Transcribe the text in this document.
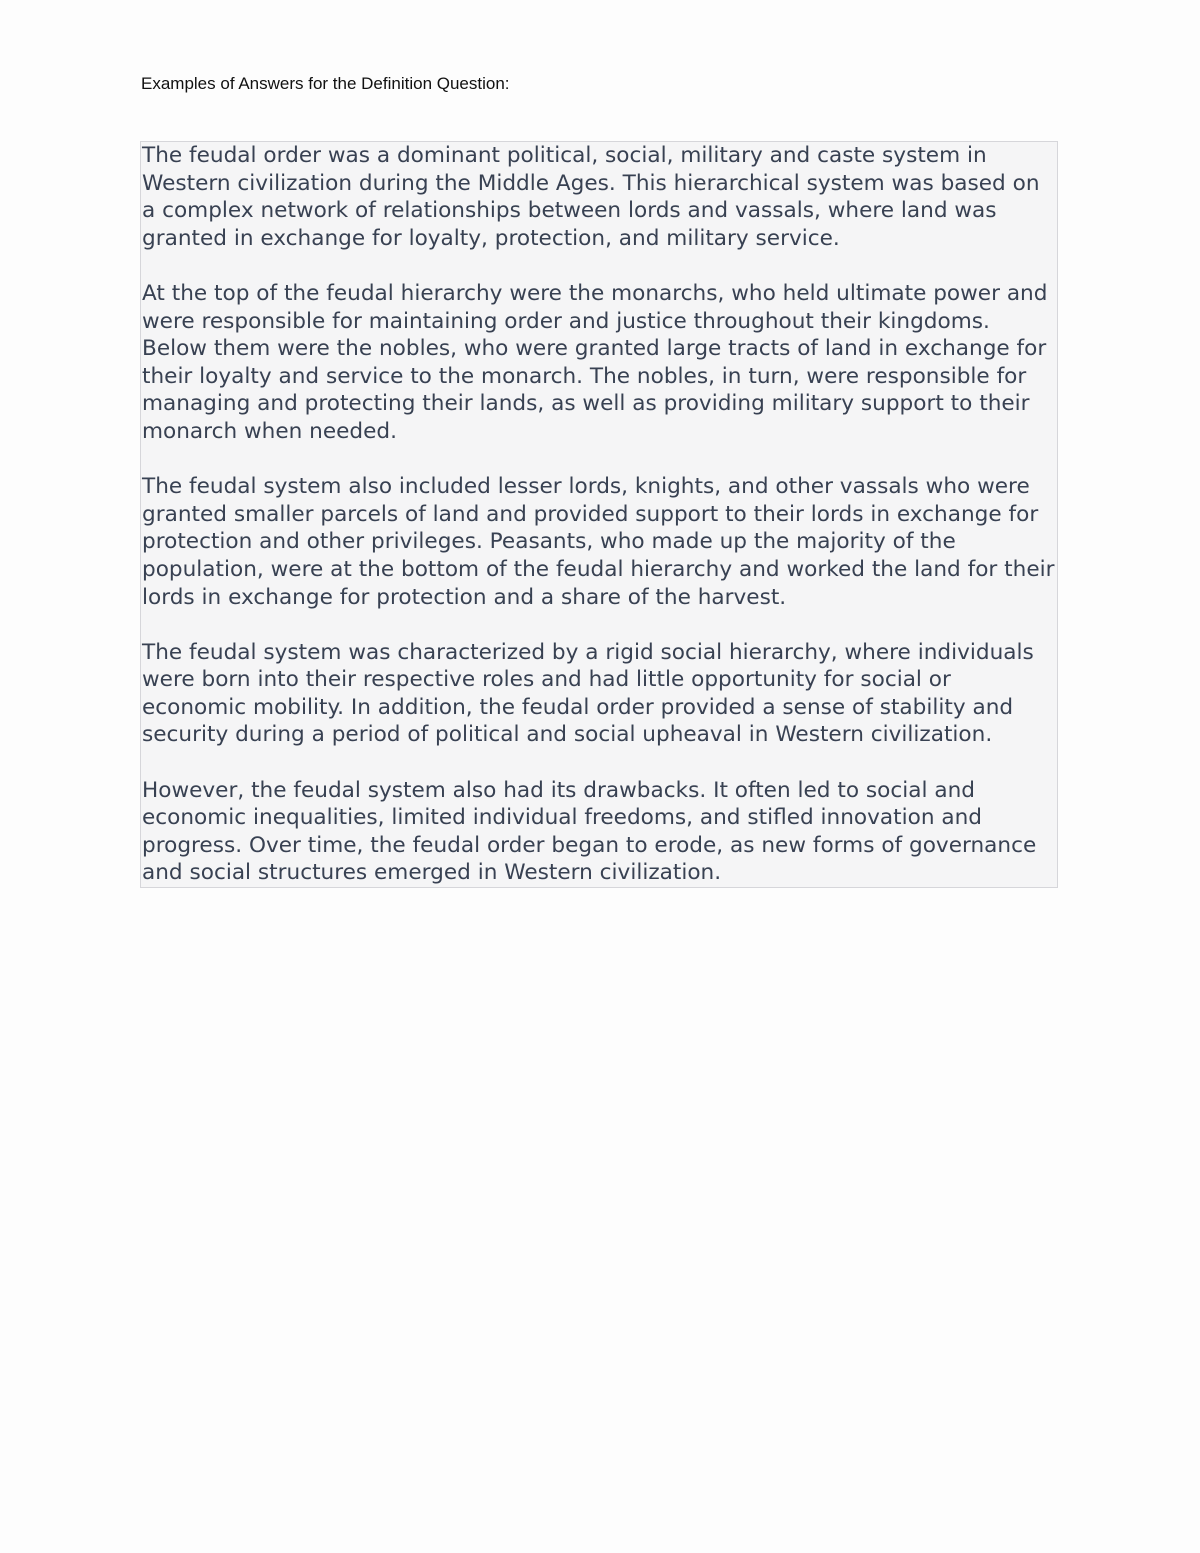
Examples of Answers for the Definition Question:

The feudal order was a dominant political, social, military and caste system in Western civilization during the Middle Ages. This hierarchical system was based on a complex network of relationships between lords and vassals, where land was granted in exchange for loyalty, protection, and military service.

At the top of the feudal hierarchy were the monarchs, who held ultimate power and were responsible for maintaining order and justice throughout their kingdoms. Below them were the nobles, who were granted large tracts of land in exchange for their loyalty and service to the monarch. The nobles, in turn, were responsible for managing and protecting their lands, as well as providing military support to their monarch when needed.

The feudal system also included lesser lords, knights, and other vassals who were granted smaller parcels of land and provided support to their lords in exchange for protection and other privileges. Peasants, who made up the majority of the population, were at the bottom of the feudal hierarchy and worked the land for their lords in exchange for protection and a share of the harvest.

The feudal system was characterized by a rigid social hierarchy, where individuals were born into their respective roles and had little opportunity for social or economic mobility. In addition, the feudal order provided a sense of stability and security during a period of political and social upheaval in Western civilization.

However, the feudal system also had its drawbacks. It often led to social and economic inequalities, limited individual freedoms, and stifled innovation and progress. Over time, the feudal order began to erode, as new forms of governance and social structures emerged in Western civilization.
